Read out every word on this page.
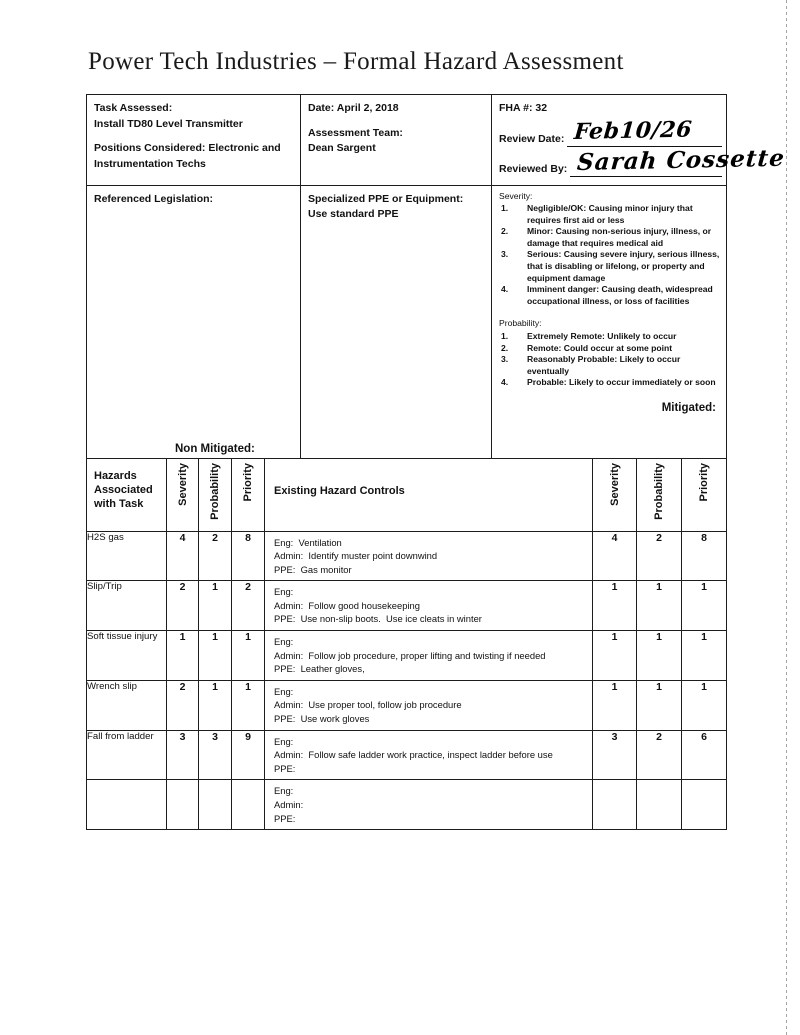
Power Tech Industries – Formal Hazard Assessment
Task Assessed:
Install TD80 Level Transmitter
Positions Considered: Electronic and
Instrumentation Techs

Date: April 2, 2018
Assessment Team:
Dean Sargent

FHA #: 32
Review Date: Feb10/26
Reviewed By: Sarah Cossette

Referenced Legislation:
Non Mitigated:

Specialized PPE or Equipment:
Use standard PPE

Severity:
1. Negligible/OK: Causing minor injury that requires first aid or less
2. Minor: Causing non-serious injury, illness, or damage that requires medical aid
3. Serious: Causing severe injury, serious illness, that is disabling or lifelong, or property and equipment damage
4. Imminent danger: Causing death, widespread occupational illness, or loss of facilities
Probability:
1. Extremely Remote: Unlikely to occur
2. Remote: Could occur at some point
3. Reasonably Probable: Likely to occur eventually
4. Probable: Likely to occur immediately or soon
Mitigated:
Hazards
Associated
with Task	Severity	Probability	Priority	Existing Hazard Controls	Severity	Probability	Priority

H2S gas	4	2	8	Eng:  Ventilation
Admin:  Identify muster point downwind
PPE:  Gas monitor	4	2	8
Slip/Trip	2	1	2	Eng:
Admin:  Follow good housekeeping
PPE:  Use non-slip boots.  Use ice cleats in winter	1	1	1
Soft tissue injury	1	1	1	Eng:
Admin:  Follow job procedure, proper lifting and twisting if needed
PPE:  Leather gloves,	1	1	1
Wrench slip	2	1	1	Eng:
Admin:  Use proper tool, follow job procedure
PPE:  Use work gloves	1	1	1
Fall from ladder	3	3	9	Eng:
Admin:  Follow safe ladder work practice, inspect ladder before use
PPE:	3	2	6

				Eng:
Admin:
PPE:			
